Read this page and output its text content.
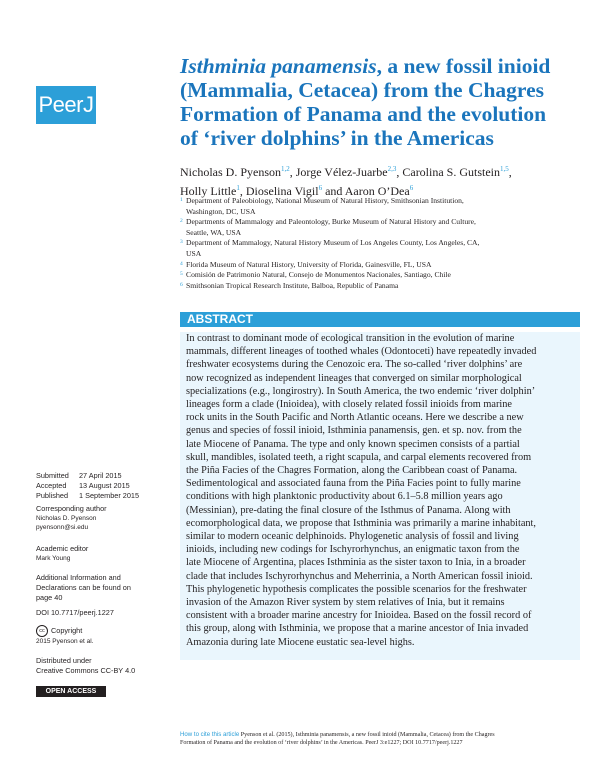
PeerJ
Isthminia panamensis, a new fossil inioid
(Mammalia, Cetacea) from the Chagres
Formation of Panama and the evolution
of ‘river dolphins’ in the Americas
Nicholas D. Pyenson$^{1,2}$, Jorge Vélez-Juarbe$^{2,3}$, Carolina S. Gutstein$^{1,5}$,
Holly Little$^1$, Dioselina Vigil$^6$ and Aaron O’Dea$^6$
1 Department of Paleobiology, National Museum of Natural History, Smithsonian Institution,
Washington, DC, USA
2 Departments of Mammalogy and Paleontology, Burke Museum of Natural History and Culture,
Seattle, WA, USA
3 Department of Mammalogy, Natural History Museum of Los Angeles County, Los Angeles, CA,
USA
4 Florida Museum of Natural History, University of Florida, Gainesville, FL, USA
5 Comisión de Patrimonio Natural, Consejo de Monumentos Nacionales, Santiago, Chile
6 Smithsonian Tropical Research Institute, Balboa, Republic of Panama
ABSTRACT
In contrast to dominant mode of ecological transition in the evolution of marine
mammals, different lineages of toothed whales (Odontoceti) have repeatedly invaded
freshwater ecosystems during the Cenozoic era. The so-called ‘river dolphins’ are
now recognized as independent lineages that converged on similar morphological
specializations (e.g., longirostry). In South America, the two endemic ‘river dolphin’
lineages form a clade (Inioidea), with closely related fossil inioids from marine
rock units in the South Pacific and North Atlantic oceans. Here we describe a new
genus and species of fossil inioid, Isthminia panamensis, gen. et sp. nov. from the
late Miocene of Panama. The type and only known specimen consists of a partial
skull, mandibles, isolated teeth, a right scapula, and carpal elements recovered from
the Piña Facies of the Chagres Formation, along the Caribbean coast of Panama.
Sedimentological and associated fauna from the Piña Facies point to fully marine
conditions with high planktonic productivity about 6.1–5.8 million years ago
(Messinian), pre-dating the final closure of the Isthmus of Panama. Along with
ecomorphological data, we propose that Isthminia was primarily a marine inhabitant,
similar to modern oceanic delphinoids. Phylogenetic analysis of fossil and living
inioids, including new codings for Ischyrorhynchus, an enigmatic taxon from the
late Miocene of Argentina, places Isthminia as the sister taxon to Inia, in a broader
clade that includes Ischyrorhynchus and Meherrinia, a North American fossil inioid.
This phylogenetic hypothesis complicates the possible scenarios for the freshwater
invasion of the Amazon River system by stem relatives of Inia, but it remains
consistent with a broader marine ancestry for Inioidea. Based on the fossil record of
this group, along with Isthminia, we propose that a marine ancestor of Inia invaded
Amazonia during late Miocene eustatic sea-level highs.
Submitted 27 April 2015
Accepted 13 August 2015
Published 1 September 2015
Corresponding author
Nicholas D. Pyenson
pyensonn@si.edu
Academic editor
Mark Young
Additional Information and
Declarations can be found on
page 40
DOI 10.7717/peerj.1227
cc Copyright
2015 Pyenson et al.
Distributed under
Creative Commons CC-BY 4.0
OPEN ACCESS
How to cite this article Pyenson et al. (2015), Isthminia panamensis, a new fossil inioid (Mammalia, Cetacea) from the Chagres
Formation of Panama and the evolution of ‘river dolphins’ in the Americas. PeerJ 3:e1227; DOI 10.7717/peerj.1227
